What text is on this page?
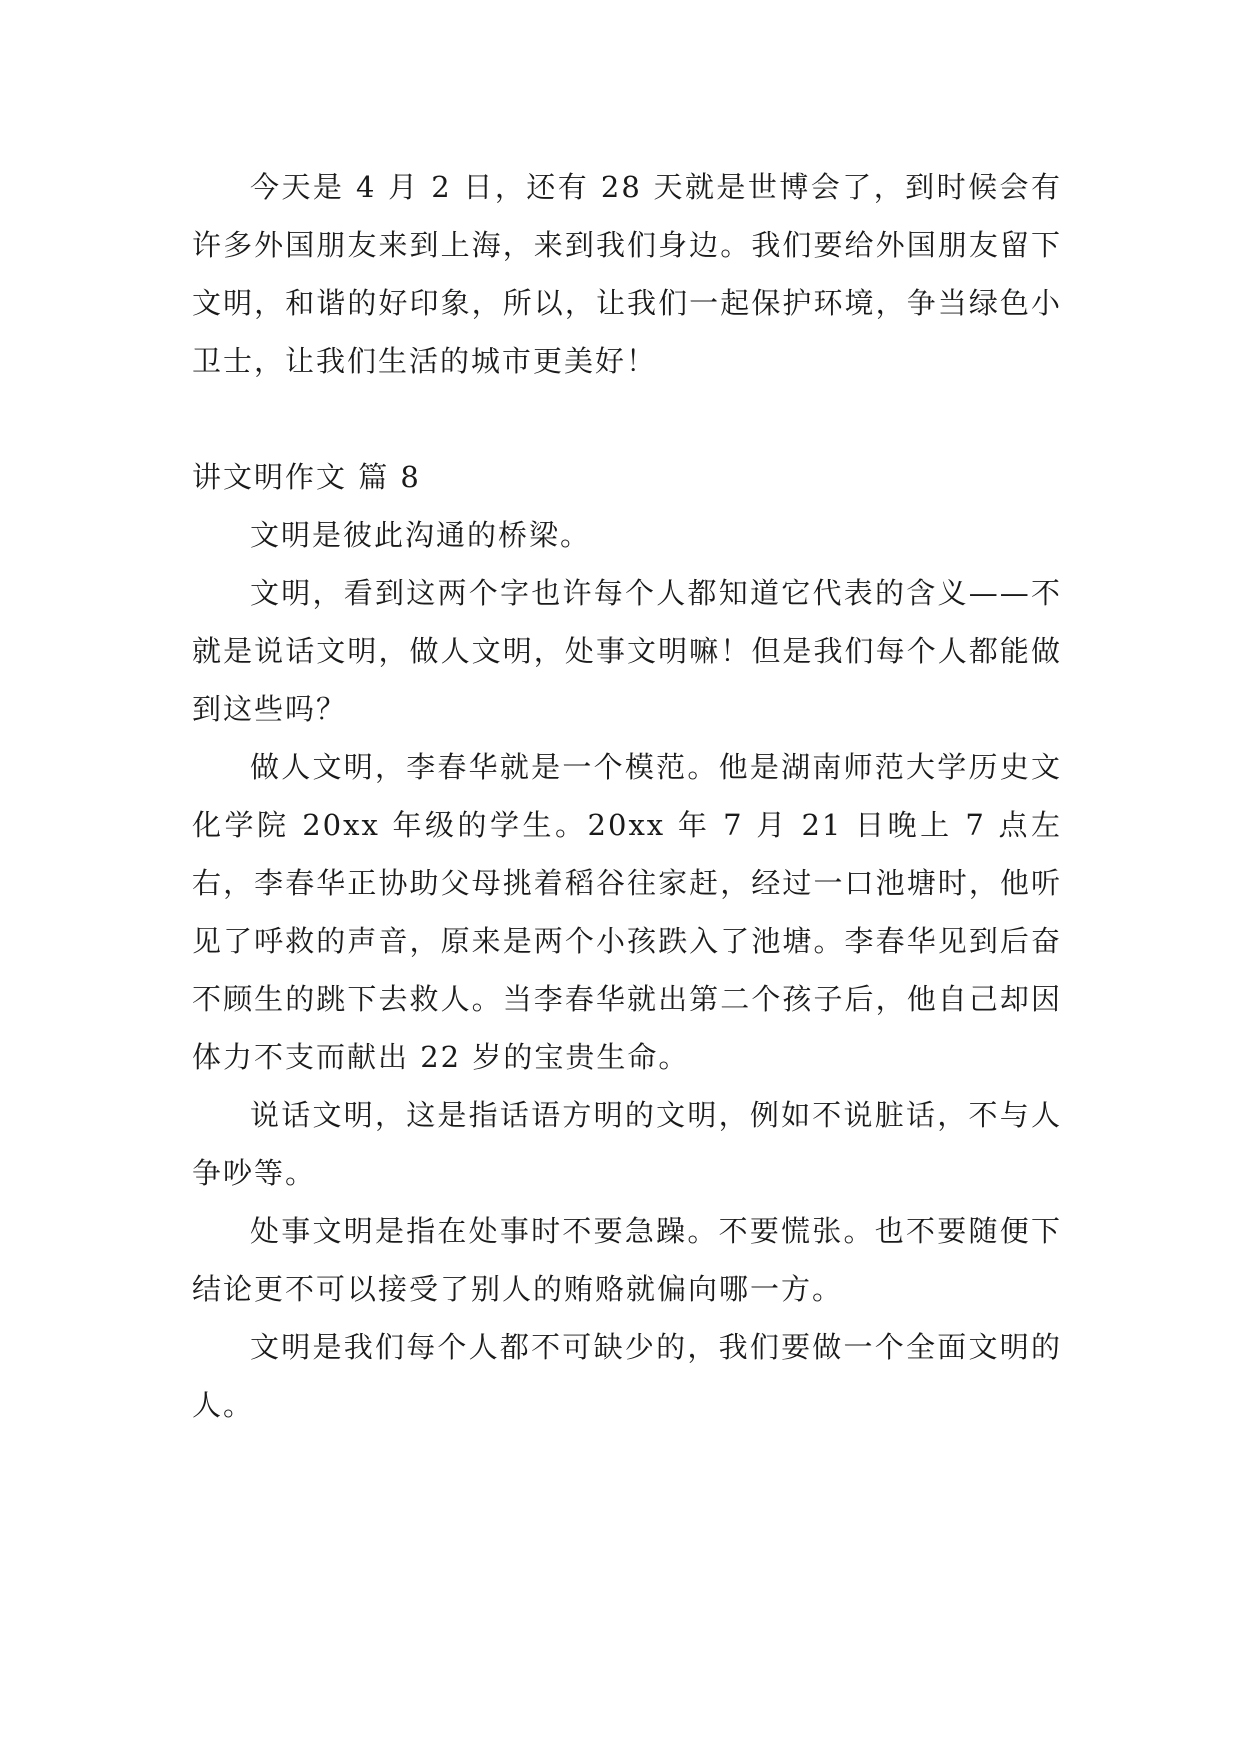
今天是 4 月 2 日，还有 28 天就是世博会了，到时候会有许多外国朋友来到上海，来到我们身边。我们要给外国朋友留下文明，和谐的好印象，所以，让我们一起保护环境，争当绿色小卫士，让我们生活的城市更美好！

讲文明作文 篇 8

文明是彼此沟通的桥梁。

文明，看到这两个字也许每个人都知道它代表的含义——不就是说话文明，做人文明，处事文明嘛！但是我们每个人都能做到这些吗？

做人文明，李春华就是一个模范。他是湖南师范大学历史文化学院 20xx 年级的学生。20xx 年 7 月 21 日晚上 7 点左右，李春华正协助父母挑着稻谷往家赶，经过一口池塘时，他听见了呼救的声音，原来是两个小孩跌入了池塘。李春华见到后奋不顾生的跳下去救人。当李春华就出第二个孩子后，他自己却因体力不支而献出 22 岁的宝贵生命。

说话文明，这是指话语方明的文明，例如不说脏话，不与人争吵等。

处事文明是指在处事时不要急躁。不要慌张。也不要随便下结论更不可以接受了别人的贿赂就偏向哪一方。

文明是我们每个人都不可缺少的，我们要做一个全面文明的人。
